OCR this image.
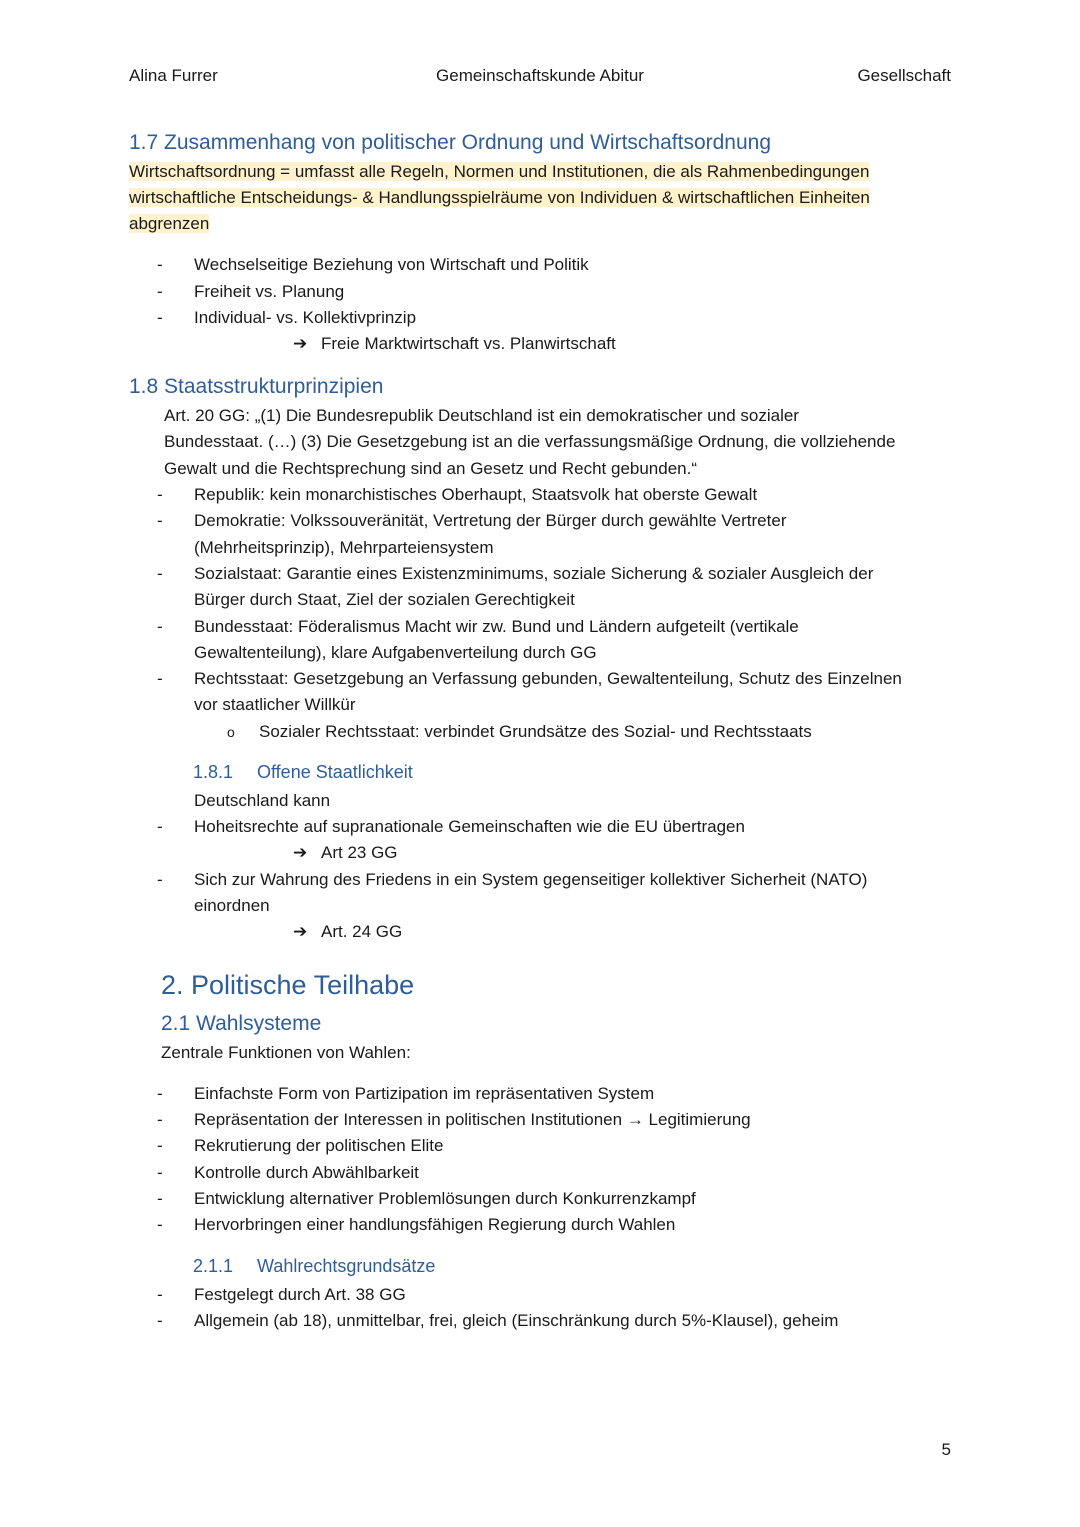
Alina Furrer	Gemeinschaftskunde Abitur	Gesellschaft
1.7 Zusammenhang von politischer Ordnung und Wirtschaftsordnung
Wirtschaftsordnung = umfasst alle Regeln, Normen und Institutionen, die als Rahmenbedingungen
wirtschaftliche Entscheidungs- & Handlungsspielräume von Individuen & wirtschaftlichen Einheiten
abgrenzen
- Wechselseitige Beziehung von Wirtschaft und Politik
- Freiheit vs. Planung
- Individual- vs. Kollektivprinzip
➔ Freie Marktwirtschaft vs. Planwirtschaft
1.8 Staatsstrukturprinzipien
Art. 20 GG: „(1) Die Bundesrepublik Deutschland ist ein demokratischer und sozialer
Bundesstaat. (…) (3) Die Gesetzgebung ist an die verfassungsmäßige Ordnung, die vollziehende
Gewalt und die Rechtsprechung sind an Gesetz und Recht gebunden.“
- Republik: kein monarchistisches Oberhaupt, Staatsvolk hat oberste Gewalt
- Demokratie: Volkssouveränität, Vertretung der Bürger durch gewählte Vertreter
(Mehrheitsprinzip), Mehrparteiensystem
- Sozialstaat: Garantie eines Existenzminimums, soziale Sicherung & sozialer Ausgleich der
Bürger durch Staat, Ziel der sozialen Gerechtigkeit
- Bundesstaat: Föderalismus Macht wir zw. Bund und Ländern aufgeteilt (vertikale
Gewaltenteilung), klare Aufgabenverteilung durch GG
- Rechtsstaat: Gesetzgebung an Verfassung gebunden, Gewaltenteilung, Schutz des Einzelnen
vor staatlicher Willkür
o Sozialer Rechtsstaat: verbindet Grundsätze des Sozial- und Rechtsstaats
1.8.1 Offene Staatlichkeit
Deutschland kann
- Hoheitsrechte auf supranationale Gemeinschaften wie die EU übertragen
➔ Art 23 GG
- Sich zur Wahrung des Friedens in ein System gegenseitiger kollektiver Sicherheit (NATO)
einordnen
➔ Art. 24 GG
2. Politische Teilhabe
2.1 Wahlsysteme
Zentrale Funktionen von Wahlen:
- Einfachste Form von Partizipation im repräsentativen System
- Repräsentation der Interessen in politischen Institutionen → Legitimierung
- Rekrutierung der politischen Elite
- Kontrolle durch Abwählbarkeit
- Entwicklung alternativer Problemlösungen durch Konkurrenzkampf
- Hervorbringen einer handlungsfähigen Regierung durch Wahlen
2.1.1 Wahlrechtsgrundsätze
- Festgelegt durch Art. 38 GG
- Allgemein (ab 18), unmittelbar, frei, gleich (Einschränkung durch 5%-Klausel), geheim
5
